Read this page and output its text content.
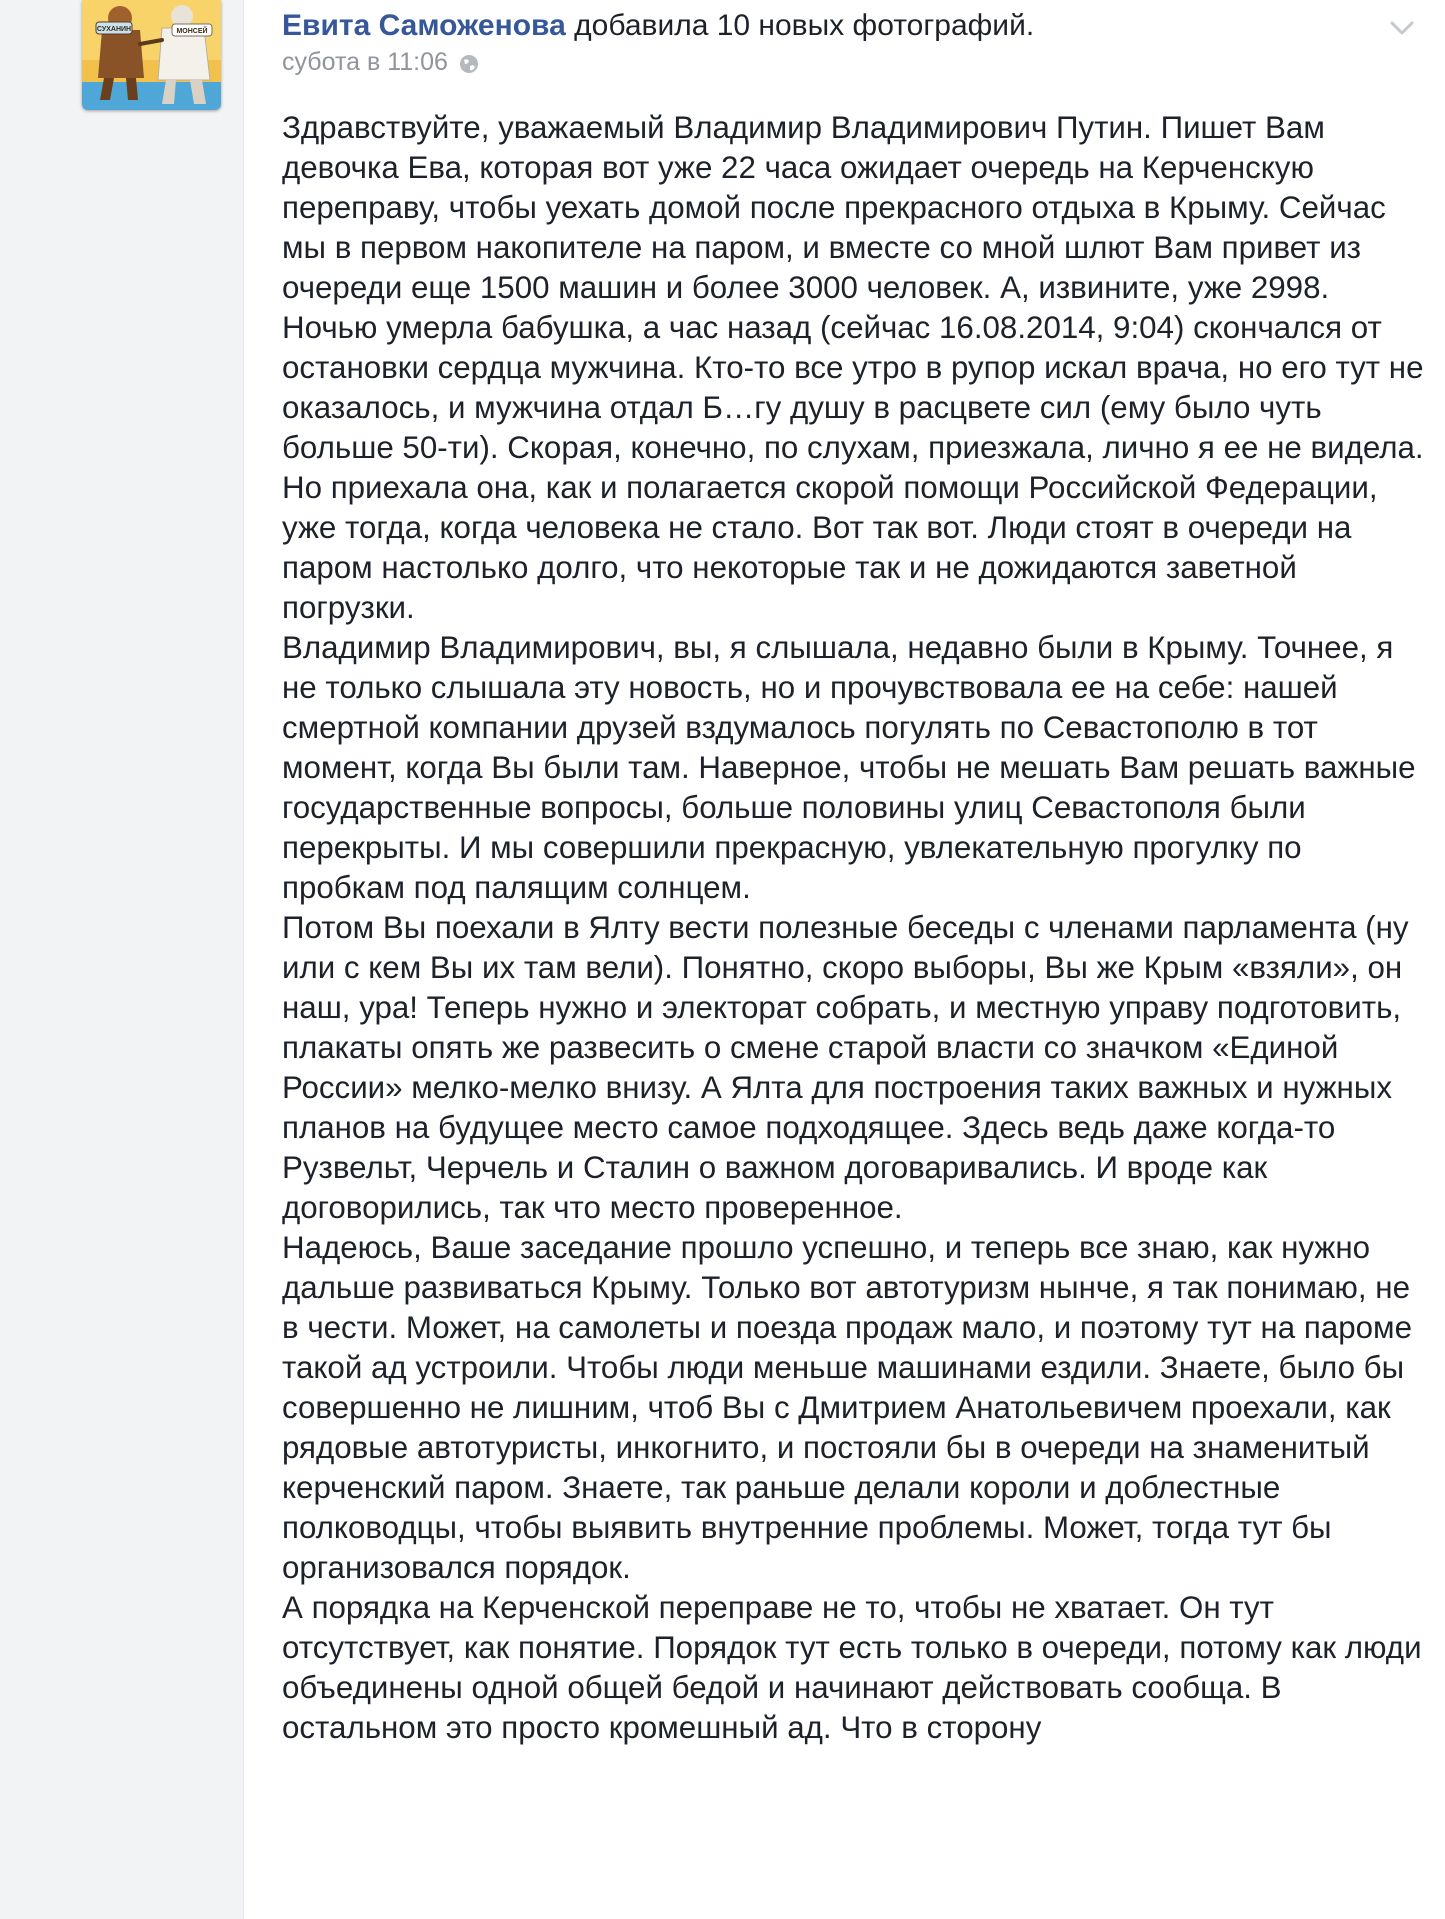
СУХАНИН	МОНСЕЙ Евита Саможенова добавила 10 новых фотографий.
субота в 11:06

Здравствуйте, уважаемый Владимир Владимирович Путин. Пишет Вам девочка Ева, которая вот уже 22 часа ожидает очередь на Керченскую переправу, чтобы уехать домой после прекрасного отдыха в Крыму. Сейчас мы в первом накопителе на паром, и вместе со мной шлют Вам привет из очереди еще 1500 машин и более 3000 человек. А, извините, уже 2998. Ночью умерла бабушка, а час назад (сейчас 16.08.2014, 9:04) скончался от остановки сердца мужчина. Кто-то все утро в рупор искал врача, но его тут не оказалось, и мужчина отдал Б…гу душу в расцвете сил (ему было чуть больше 50-ти). Скорая, конечно, по слухам, приезжала, лично я ее не видела. Но приехала она, как и полагается скорой помощи Российской Федерации, уже тогда, когда человека не стало. Вот так вот. Люди стоят в очереди на паром настолько долго, что некоторые так и не дожидаются заветной погрузки.

Владимир Владимирович, вы, я слышала, недавно были в Крыму. Точнее, я не только слышала эту новость, но и прочувствовала ее на себе: нашей смертной компании друзей вздумалось погулять по Севастополю в тот момент, когда Вы были там. Наверное, чтобы не мешать Вам решать важные государственные вопросы, больше половины улиц Севастополя были перекрыты. И мы совершили прекрасную, увлекательную прогулку по пробкам под палящим солнцем.

Потом Вы поехали в Ялту вести полезные беседы с членами парламента (ну или с кем Вы их там вели). Понятно, скоро выборы, Вы же Крым «взяли», он наш, ура! Теперь нужно и электорат собрать, и местную управу подготовить, плакаты опять же развесить о смене старой власти со значком «Единой России» мелко-мелко внизу. А Ялта для построения таких важных и нужных планов на будущее место самое подходящее. Здесь ведь даже когда-то Рузвельт, Черчель и Сталин о важном договаривались. И вроде как договорились, так что место проверенное.

Надеюсь, Ваше заседание прошло успешно, и теперь все знаю, как нужно дальше развиваться Крыму. Только вот автотуризм нынче, я так понимаю, не в чести. Может, на самолеты и поезда продаж мало, и поэтому тут на пароме такой ад устроили. Чтобы люди меньше машинами ездили. Знаете, было бы совершенно не лишним, чтоб Вы с Дмитрием Анатольевичем проехали, как рядовые автотуристы, инкогнито, и постояли бы в очереди на знаменитый керченский паром. Знаете, так раньше делали короли и доблестные полководцы, чтобы выявить внутренние проблемы. Может, тогда тут бы организовался порядок.

А порядка на Керченской переправе не то, чтобы не хватает. Он тут отсутствует, как понятие. Порядок тут есть только в очереди, потому как люди объединены одной общей бедой и начинают действовать сообща. В остальном это просто кромешный ад. Что в сторону
